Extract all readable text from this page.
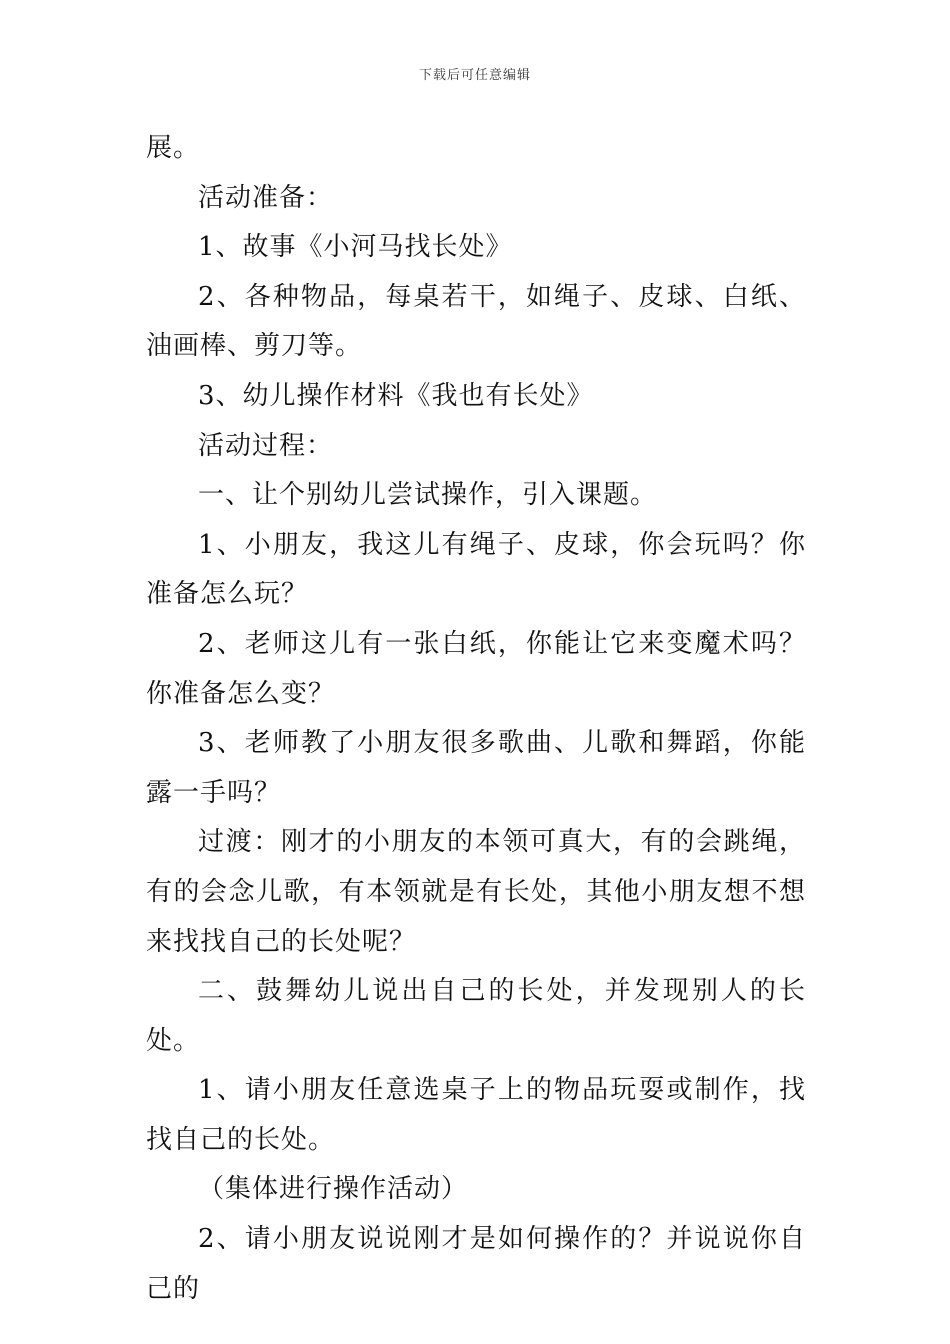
下载后可任意编辑

展。

活动准备：

1、故事《小河马找长处》

2、各种物品，每桌若干，如绳子、皮球、白纸、油画棒、剪刀等。

3、幼儿操作材料《我也有长处》

活动过程：

一、让个别幼儿尝试操作，引入课题。

1、小朋友，我这儿有绳子、皮球，你会玩吗？你准备怎么玩？

2、老师这儿有一张白纸，你能让它来变魔术吗？你准备怎么变？

3、老师教了小朋友很多歌曲、儿歌和舞蹈，你能露一手吗？

过渡：刚才的小朋友的本领可真大，有的会跳绳，有的会念儿歌，有本领就是有长处，其他小朋友想不想来找找自己的长处呢？

二、鼓舞幼儿说出自己的长处，并发现别人的长处。

1、请小朋友任意选桌子上的物品玩耍或制作，找找自己的长处。

（集体进行操作活动）

2、请小朋友说说刚才是如何操作的？并说说你自己的
